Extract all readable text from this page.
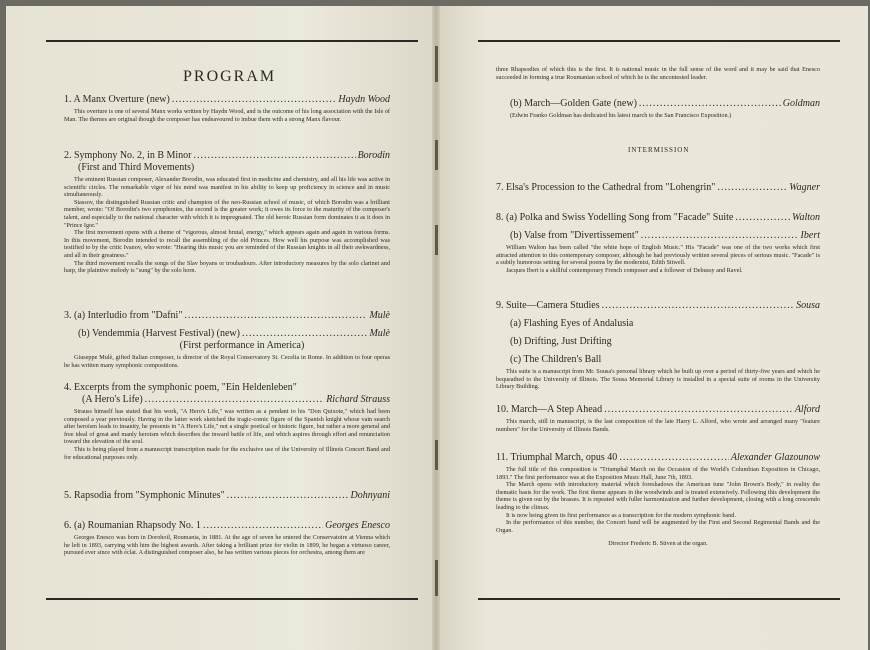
PROGRAM
1. A Manx Overture (new) .....	Haydn Wood

This overture is one of several Manx works written by Haydn Wood, and is the outcome of his long association with the Isle of Man. The themes are original though the composer has endeavoured to imbue them with a strong Manx flavour.

2. Symphony No. 2, in B Minor .....	Borodin
(First and Third Movements)

The eminent Russian composer, Alexander Borodin, was educated first in medicine and chemistry, and all his life was active in scientific circles. The remarkable vigor of his mind was manifest in his ability to keep up proficiency in science and in music simultaneously.

Stassov, the distinguished Russian critic and champion of the neo-Russian school of music, of which Borodin was a brilliant member, wrote: "Of Borodin's two symphonies, the second is the greater work; it owes its force to the maturity of the composer's talent, and especially to the national character with which it is impregnated. The old heroic Russian form dominates it as it does in "Prince Igor."

The first movement opens with a theme of "vigorous, almost brutal, energy," which appears again and again in various forms. In this movement, Borodin intended to recall the assembling of the old Princes. How well his purpose was accomplished was testified to by the critic Ivanov, who wrote: "Hearing this music you are reminded of the Russian knights in all their awkwardness, and all in their greatness."

The third movement recalls the songs of the Slav boyans or troubadours. After introductory measures by the solo clarinet and harp, the plaintive melody is "sung" by the solo horn.

3. (a) Interludio from "Dafni" .....	Mulè
(b) Vendemmia (Harvest Festival) (new) .....	Mulè
(First performance in America)

Giuseppe Mulè, gifted Italian composer, is director of the Royal Conservatory St. Cecelia in Rome. In addition to four operas he has written many symphonic compositions.

4. Excerpts from the symphonic poem, "Ein Heldenleben"
(A Hero's Life) .....	Richard Strauss

Strauss himself has stated that his work, "A Hero's Life," was written as a pendant to his "Don Quixote," which had been composed a year previously. Having in the latter work sketched the tragic-comic figure of the Spanish knight whose vain search after heroism leads to insanity, he presents in "A Hero's Life," not a single poetical or historic figure, but rather a more general and free ideal of great and manly heroism which describes the inward battle of life, and which aspires through effort and renunciation toward the elevation of the soul.

This is being played from a manuscript transcription made for the exclusive use of the University of Illinois Concert Band and for educational purposes only.

5. Rapsodia from "Symphonic Minutes" .....	Dohnyani
6. (a) Roumanian Rhapsody No. 1 .....	Georges Enesco

Georges Enesco was born in Dorohoil, Roumania, in 1881. At the age of seven he entered the Conservatoire at Vienna which he left in 1893, carrying with him the highest awards. After taking a brilliant prize for violin in 1899, he began a virtuoso career, pursued ever since with éclat. A distinguished composer also, he has written various pieces for orchestra, among them are

three Rhapsodies of which this is the first. It is national music in the full sense of the word and it may be said that Enesco succeeded in forming a true Roumanian school of which he is the uncontested leader.

(b) March—Golden Gate (new) .....	Goldman

(Edwin Franko Goldman has dedicated his latest march to the San Francisco Exposition.)

INTERMISSION
7. Elsa's Procession to the Cathedral from "Lohengrin" .....	Wagner
8. (a) Polka and Swiss Yodelling Song from "Facade" Suite .....	Walton
(b) Valse from "Divertissement" .....	Ibert

William Walton has been called "the white hope of English Music." His "Facade" was one of the two works which first attracted attention to this contemporary composer, although he had previously written several pieces of serious music. "Facade" is a subtly humorous setting for several poems by the modernist, Edith Sitwell.

Jacques Ibert is a skillful contemporary French composer and a follower of Debussy and Ravel.

9. Suite—Camera Studies .....	Sousa
(a) Flashing Eyes of Andalusia
(b) Drifting, Just Drifting
(c) The Children's Ball

This suite is a manuscript from Mr. Sousa's personal library which he built up over a period of thirty-five years and which he bequeathed to the University of Illinois. The Sousa Memorial Library is installed in a special suite of rooms in the University Library Building.

10. March—A Step Ahead .....	Alford

This march, still in manuscript, is the last composition of the late Harry L. Alford, who wrote and arranged many "feature numbers" for the University of Illinois Bands.

11. Triumphal March, opus 40 .....	Alexander Glazounow

The full title of this composition is "Triumphal March on the Occasion of the World's Columbian Exposition in Chicago, 1893." The first performance was at the Exposition Music Hall, June 7th, 1893.

The March opens with introductory material which foreshadows the American tune "John Brown's Body," in reality the thematic basis for the work. The first theme appears in the woodwinds and is treated extensively. Following this development the theme is given out by the brasses. It is repeated with fuller harmonization and further development, closing with a long crescendo leading to the climax.

It is now being given its first performance as a transcription for the modern symphonic band.

In the performance of this number, the Concert band will be augmented by the First and Second Regimental Bands and the Organ.

Director Frederic B. Stiven at the organ.
